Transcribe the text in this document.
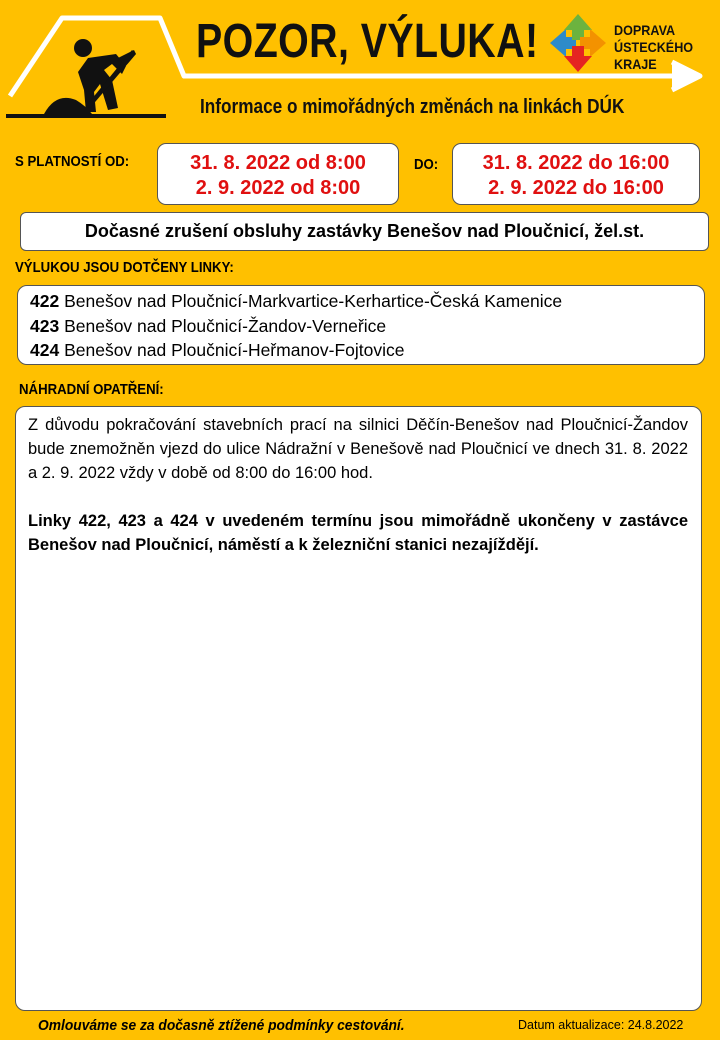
POZOR, VÝLUKA!	DOPRAVA
ÚSTECKÉHO
KRAJE
Informace o mimořádných změnách na linkách DÚK
S PLATNOSTÍ OD:	31. 8. 2022 od 8:00
2. 9. 2022 od 8:00
DO:	31. 8. 2022 do 16:00
2. 9. 2022 do 16:00
Dočasné zrušení obsluhy zastávky Benešov nad Ploučnicí, žel.st.
VÝLUKOU JSOU DOTČENY LINKY:
422 Benešov nad Ploučnicí-Markvartice-Kerhartice-Česká Kamenice
423 Benešov nad Ploučnicí-Žandov-Verneřice
424 Benešov nad Ploučnicí-Heřmanov-Fojtovice
NÁHRADNÍ OPATŘENÍ:

Z důvodu pokračování stavebních prací na silnici Děčín-Benešov nad Ploučnicí-Žandov bude znemožněn vjezd do ulice Nádražní v Benešově nad Ploučnicí ve dnech 31. 8. 2022 a 2. 9. 2022 vždy v době od 8:00 do 16:00 hod.

Linky 422, 423 a 424 v uvedeném termínu jsou mimořádně ukončeny v zastávce Benešov nad Ploučnicí, náměstí a k železniční stanici nezajíždějí.

Omlouváme se za dočasně ztížené podmínky cestování.	Datum aktualizace: 24.8.2022
